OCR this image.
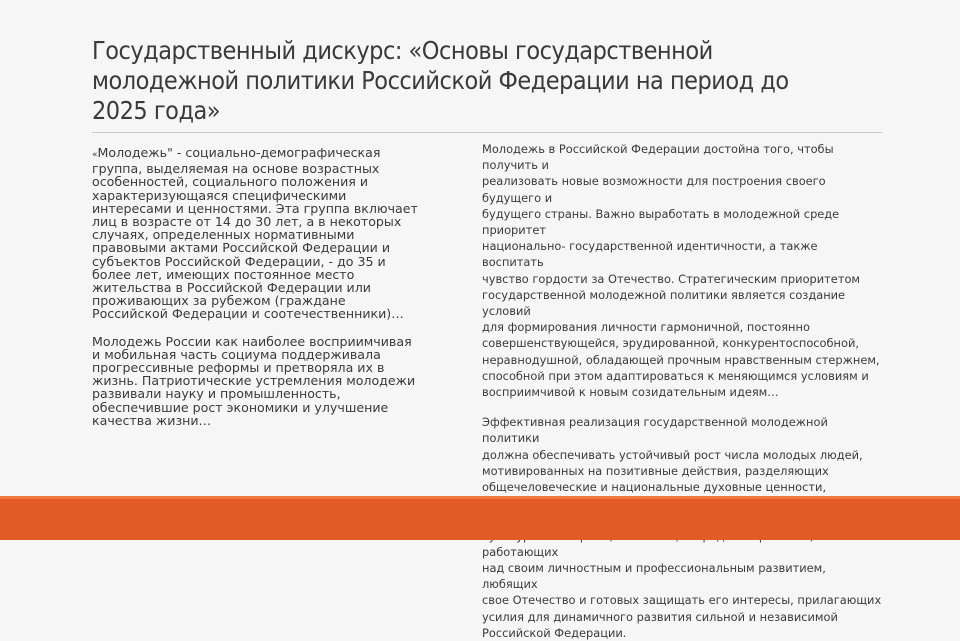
Государственный дискурс: «Основы государственной
молодежной политики Российской Федерации на период до
2025 года»

«Молодежь" - социально-демографическая
группа, выделяемая на основе возрастных
особенностей, социального положения и
характеризующаяся специфическими
интересами и ценностями. Эта группа включает
лиц в возрасте от 14 до 30 лет, а в некоторых
случаях, определенных нормативными
правовыми актами Российской Федерации и
субъектов Российской Федерации, - до 35 и
более лет, имеющих постоянное место
жительства в Российской Федерации или
проживающих за рубежом (граждане
Российской Федерации и соотечественники)…

Молодежь России как наиболее восприимчивая
и мобильная часть социума поддерживала
прогрессивные реформы и претворяла их в
жизнь. Патриотические устремления молодежи
развивали науку и промышленность,
обеспечившие рост экономики и улучшение
качества жизни…

Молодежь в Российской Федерации достойна того, чтобы получить и
реализовать новые возможности для построения своего будущего и
будущего страны. Важно выработать в молодежной среде приоритет
национально- государственной идентичности, а также воспитать
чувство гордости за Отечество. Стратегическим приоритетом
государственной молодежной политики является создание условий
для формирования личности гармоничной, постоянно
совершенствующейся, эрудированной, конкурентоспособной,
неравнодушной, обладающей прочным нравственным стержнем,
способной при этом адаптироваться к меняющимся условиям и
восприимчивой к новым созидательным идеям…

Эффективная реализация государственной молодежной политики
должна обеспечивать устойчивый рост числа молодых людей,
мотивированных на позитивные действия, разделяющих
общечеловеческие и национальные духовные ценности,

работающих
над своим личностным и профессиональным развитием, любящих
свое Отечество и готовых защищать его интересы, прилагающих
усилия для динамичного развития сильной и независимой
Российской Федерации.
